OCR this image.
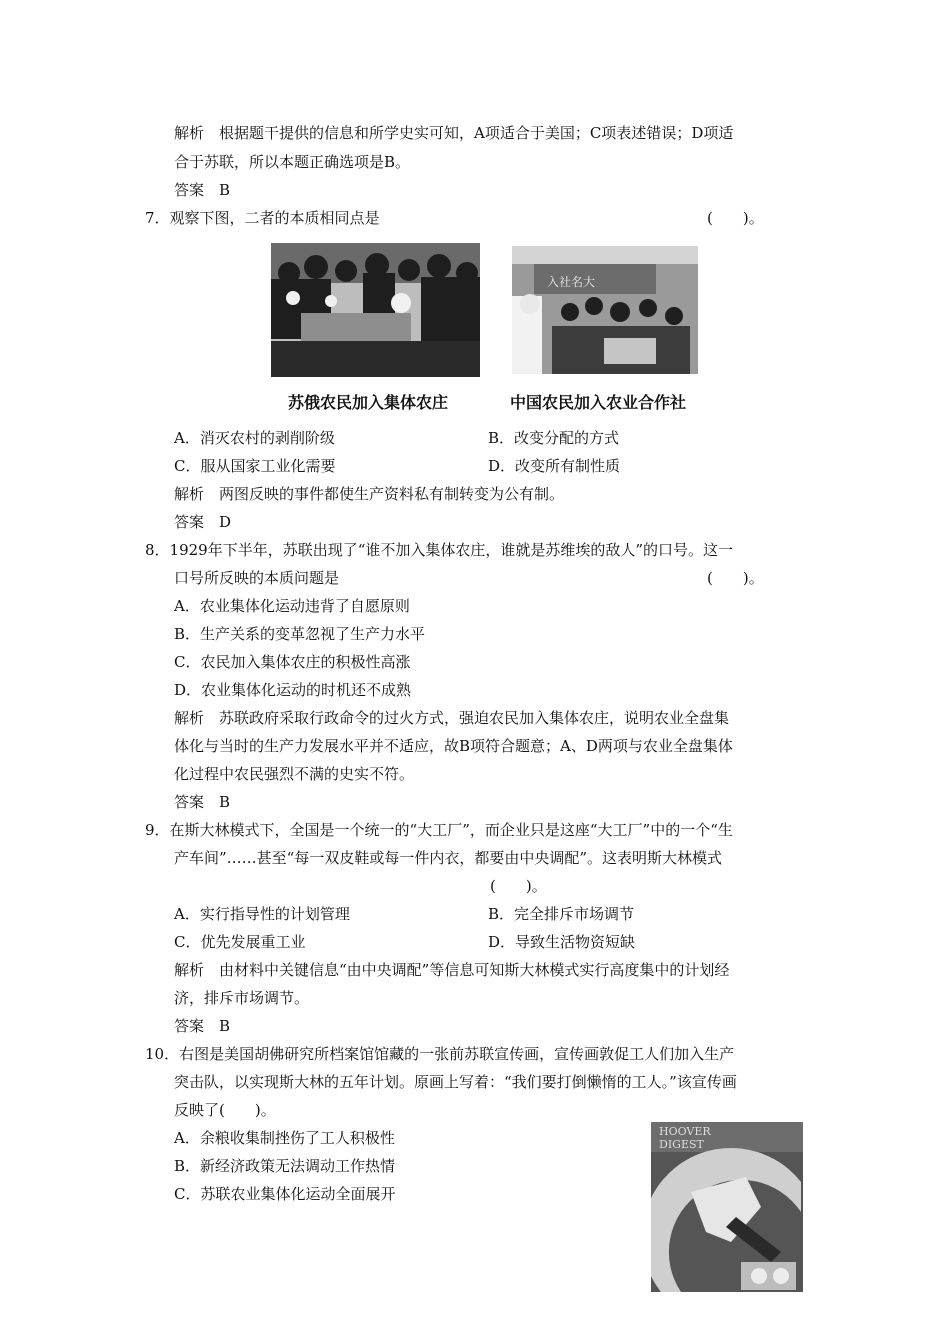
解析　根据题干提供的信息和所学史实可知，A项适合于美国；C项表述错误；D项适
合于苏联，所以本题正确选项是B。
答案　B
7．观察下图，二者的本质相同点是	(　　)。
入社名大
苏俄农民加入集体农庄	中国农民加入农业合作社
A．消灭农村的剥削阶级	B．改变分配的方式
C．服从国家工业化需要	D．改变所有制性质
解析　两图反映的事件都使生产资料私有制转变为公有制。
答案　D
8．1929年下半年，苏联出现了“谁不加入集体农庄，谁就是苏维埃的敌人”的口号。这一
口号所反映的本质问题是	(　　)。
A．农业集体化运动违背了自愿原则
B．生产关系的变革忽视了生产力水平
C．农民加入集体农庄的积极性高涨
D．农业集体化运动的时机还不成熟
解析　苏联政府采取行政命令的过火方式，强迫农民加入集体农庄，说明农业全盘集
体化与当时的生产力发展水平并不适应，故B项符合题意；A、D两项与农业全盘集体
化过程中农民强烈不满的史实不符。
答案　B
9．在斯大林模式下，全国是一个统一的“大工厂”，而企业只是这座“大工厂”中的一个“生
产车间”……甚至“每一双皮鞋或每一件内衣，都要由中央调配”。这表明斯大林模式
(　　)。
A．实行指导性的计划管理	B．完全排斥市场调节
C．优先发展重工业	D．导致生活物资短缺
解析　由材料中关键信息“由中央调配”等信息可知斯大林模式实行高度集中的计划经
济，排斥市场调节。
答案　B
10．右图是美国胡佛研究所档案馆馆藏的一张前苏联宣传画，宣传画敦促工人们加入生产
突击队，以实现斯大林的五年计划。原画上写着：“我们要打倒懒惰的工人。”该宣传画
反映了(　　)。
A．余粮收集制挫伤了工人积极性
B．新经济政策无法调动工作热情
C．苏联农业集体化运动全面展开
HOOVER
DIGEST
